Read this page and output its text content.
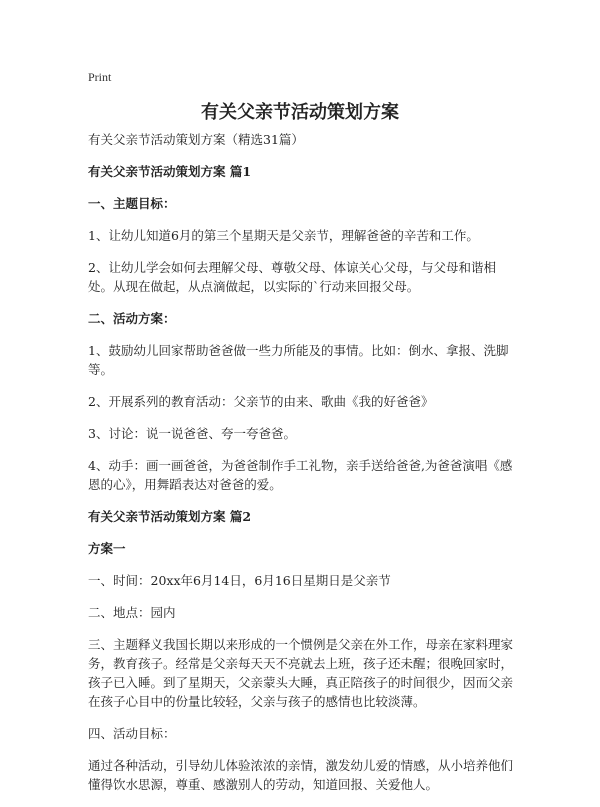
Print
有关父亲节活动策划方案

有关父亲节活动策划方案（精选31篇）

有关父亲节活动策划方案 篇1

一、主题目标：

1、让幼儿知道6月的第三个星期天是父亲节，理解爸爸的辛苦和工作。

2、让幼儿学会如何去理解父母、尊敬父母、体谅关心父母，与父母和谐相处。从现在做起，从点滴做起，以实际的`行动来回报父母。

二、活动方案：

1、鼓励幼儿回家帮助爸爸做一些力所能及的事情。比如：倒水、拿报、洗脚等。

2、开展系列的教育活动：父亲节的由来、歌曲《我的好爸爸》

3、讨论：说一说爸爸、夸一夸爸爸。

4、动手：画一画爸爸，为爸爸制作手工礼物，亲手送给爸爸,为爸爸演唱《感恩的心》，用舞蹈表达对爸爸的爱。

有关父亲节活动策划方案 篇2

方案一

一、时间：20xx年6月14日，6月16日星期日是父亲节

二、地点：园内

三、主题释义我国长期以来形成的一个惯例是父亲在外工作，母亲在家料理家务，教育孩子。经常是父亲每天天不亮就去上班，孩子还未醒；很晚回家时，孩子已入睡。到了星期天，父亲蒙头大睡，真正陪孩子的时间很少，因而父亲在孩子心目中的份量比较轻，父亲与孩子的感情也比较淡薄。

四、活动目标：

通过各种活动，引导幼儿体验浓浓的亲情，激发幼儿爱的情感，从小培养他们懂得饮水思源，尊重、感激别人的劳动，知道回报、关爱他人。
